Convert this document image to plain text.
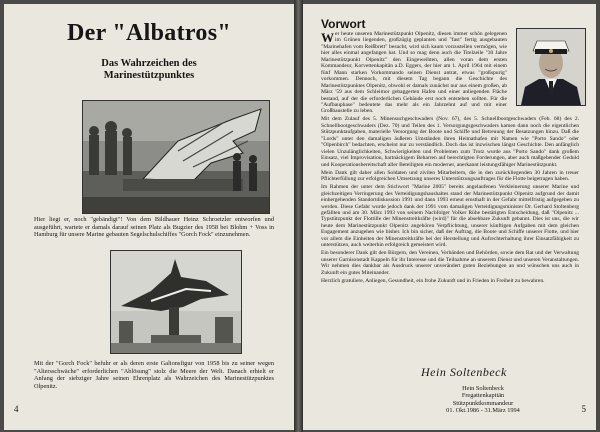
Der "Albatros"
Das Wahrzeichen des
Marinestützpunktes
Hier liegt er, noch "gebändigt"! Von dem Bildhauer Heinz Schroetzler entworfen und ausgeführt, wartete er damals darauf seinen Platz als Bugzier des 1958 bei Blohm + Voss in Hamburg für unsere Marine gebauten Segelschulschiffes "Gorch Fock" einzunehmen.
Mit der "Gorch Fock" befuhr er als deren erste Galionsfigur von 1958 bis zu seiner wegen "Altersschwäche" erforderlichen "Ablösung" stolz die Meere der Welt. Danach erhielt er Anfang der siebziger Jahre seinen Ehrenplatz als Wahrzeichen des Marinestützpunktes Olpenitz.
4
Vorwort

Wer heute unseren Marinestützpunkt Olpenitz, diesen immer schön gelegenen im Grünen liegenden, großzügig geplanten und "fast" fertig ausgebauten "Marinehafen vom Reißbrett" besucht, wird sich kaum vorzustellen vermögen, wie hier alles einmal angefangen hat. Und so mag denn auch die Titelzeile "30 Jahre Marinestützpunkt Olpenitz" den Eingeweihten, allen voran dem ersten Kommandeur, Korvettenkapitän a.D. Eggers, der hier am 1. April 1964 mit einem fünf Mann starken Vorkommando seinen Dienst antrat, etwas "großspurig" vorkommen. Dennoch, mit diesem Tag begann die Geschichte des Marinestützpunktes Olpenitz, obwohl er damals zunächst nur aus einem großen, ab März '59 aus dem Schleimor gebaggerten Hafen und einer anliegenden Fläche bestand, auf der die erforderlichen Gebäude erst noch entstehen sollten. Für die "Aufbauphase" bedeutete das mehr als ein Jahrzehnt auf und mit einer Großbaustelle zu leben.

Mit dem Zulauf des 5. Minensuchgeschwaders (Nov. 67), des 5. Schnellbootgeschwaders (Feb. 68) des 2. Schnellbootgeschwaders (Dez. 70) und Teilen des 1. Versorgungsgeschwaders kamen dann noch die eigentlichen Stützpunktaufgaben, materielle Versorgung der Boote und Schiffe und Betreuung der Besatzungen hinzu. Daß die "Lords" unter den damaligen äußeren Umständen ihren Heimathafen mit Namen wie "Porto Sando" oder "Olpenbirch" bedachten, erscheint nur zu verständlich. Doch das ist inzwischen längst Geschichte. Den anfänglich vielen Unzulänglichkeiten, Schwierigkeiten und Problemen zum Trotz wurde aus "Porto Sando" dank großem Einsatz, viel Improvisation, hartnäckigem Beharren auf berechtigten Forderungen, aber auch maßgebender Geduld und Kooperationsbereitschaft aller Beteiligten ein moderner, anerkannt leistungsfähiger Marinestützpunkt.

Mein Dank gilt daher allen Soldaten und zivilen Mitarbeitern, die in den zurückliegenden 30 Jahren in treuer Pflichterfüllung zur erfolgreichen Umsetzung unseres Unterstützungsauftrages für die Flotte beigetragen haben.

Im Rahmen der unter dem Stichwort "Marine 2005" bereits angelaufenen Verkleinerung unserer Marine und gleichzeitigen Verringerung des Verteidigungshaushaltes stand der Marinestützpunkt Olpenitz aufgrund der damit einhergehenden Standortdiskussion 1991 und dann 1993 erneut ernsthaft in der Gefahr mittelfristig aufgegeben zu werden. Diese Gefahr wurde jedoch dank der 1991 vom damaligen Verteidigungsminister Dr. Gerhard Stoltenberg gefällten und am 30. März 1993 von seinem Nachfolger Volker Rühe bestätigten Entscheidung, daß "Olpenitz ... Typstützpunkt der Flottille der Minenstreitkräfte (wird)" für die absehbare Zukunft gebannt. Dies ist uns, die wir heute dem Marinestützpunkt Olpenitz angehören Verpflichtung, unserer künftigen Aufgaben mit dem gleichen Engagement anzugehen wie bisher. Ich bin sicher, daß der Auftrag, die Boote und Schiffe unserer Flotte, und hier vor allem die Einheiten der Minenstreitkräfte bei der Herstellung und Aufrechterhaltung ihrer Einsatzfähigkeit zu unterstützen, auch weiterhin erfolgreich gemeistert wird.

Ein besonderer Dank gilt den Bürgern, den Vereinen, Verbänden und Behörden, sowie dem Rat und der Verwaltung unserer Garnisonstadt Kappeln für ihr Interesse und die Teilnahme an unserem Dienst und unseren Veranstaltungen. Wir nehmen dies dankbar als Ausdruck unserer unverändert guten Beziehungen an und wünschen uns auch in Zukunft ein gutes Miteinander.

Herzlich gratuliere, Anliegen, Gesundheit, ein frohe Zukunft und in Frieden in Freiheit zu bewahren.

Hein Soltenbeck
Hein Soltenbeck
Fregattenkapitän
Stützpunktkommandeur
01. Okt.1986 - 31.März 1994	5
